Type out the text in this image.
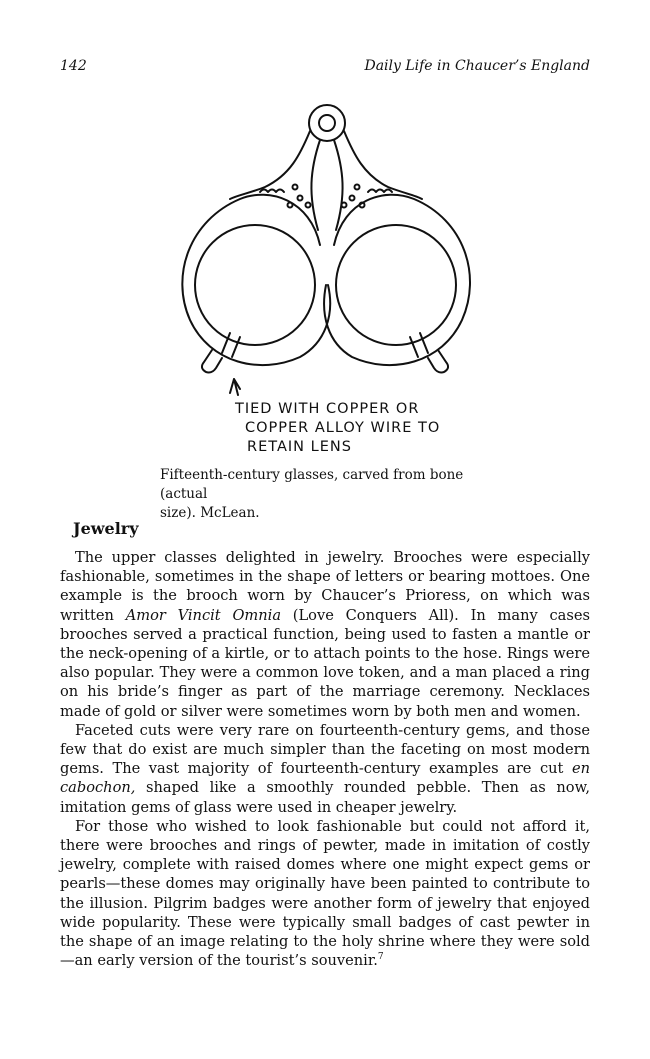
142	Daily Life in Chaucer’s England
TIED WITH COPPER OR
COPPER ALLOY WIRE TO
RETAIN LENS
Fifteenth-century glasses, carved from bone (actual
size). McLean.
Jewelry

The upper classes delighted in jewelry. Brooches were especially fashionable, sometimes in the shape of letters or bearing mottoes. One example is the brooch worn by Chaucer’s Prioress, on which was written Amor Vincit Omnia (Love Conquers All). In many cases brooches served a practical function, being used to fasten a mantle or the neck-opening of a kirtle, or to attach points to the hose. Rings were also popular. They were a common love token, and a man placed a ring on his bride’s finger as part of the marriage ceremony. Necklaces made of gold or silver were sometimes worn by both men and women.

Faceted cuts were very rare on fourteenth-century gems, and those few that do exist are much simpler than the faceting on most modern gems. The vast majority of fourteenth-century examples are cut en cabochon, shaped like a smoothly rounded pebble. Then as now, imitation gems of glass were used in cheaper jewelry.

For those who wished to look fashionable but could not afford it, there were brooches and rings of pewter, made in imitation of costly jewelry, complete with raised domes where one might expect gems or pearls—these domes may originally have been painted to contribute to the illusion. Pilgrim badges were another form of jewelry that enjoyed wide popularity. These were typically small badges of cast pewter in the shape of an image relating to the holy shrine where they were sold—an early version of the tourist’s souvenir.$^7$
